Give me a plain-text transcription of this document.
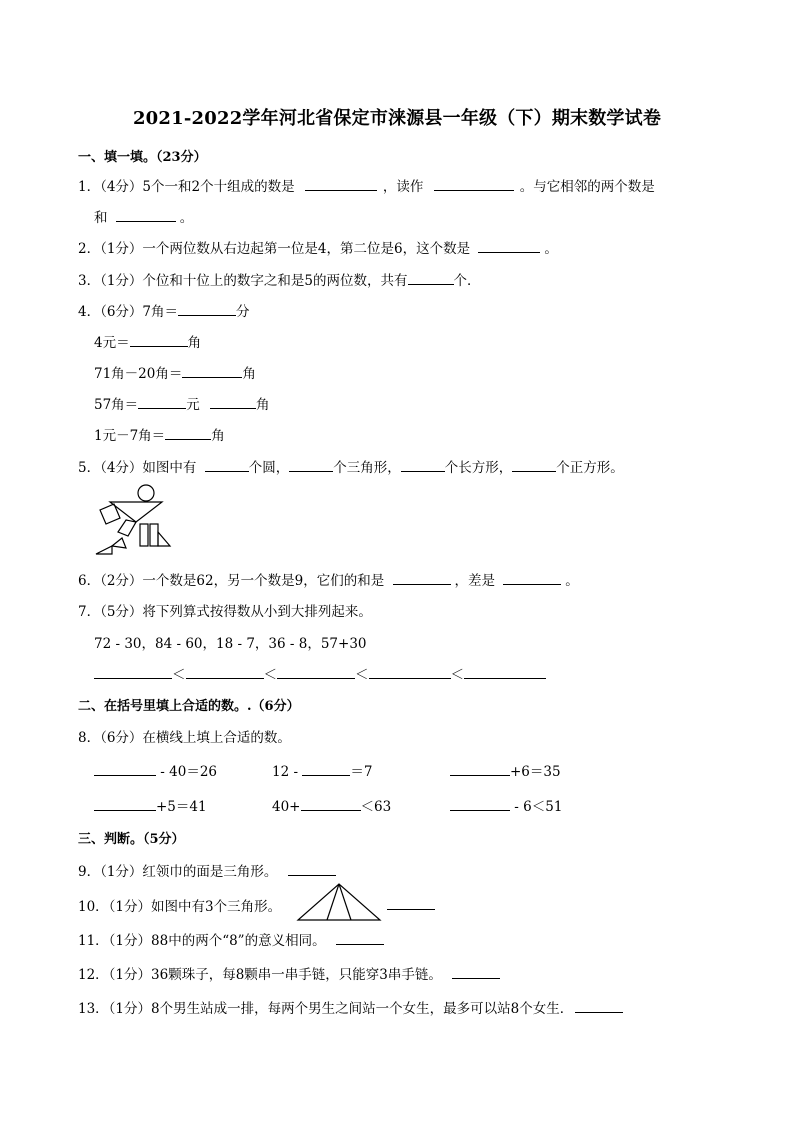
2021-2022学年河北省保定市涞源县一年级（下）期末数学试卷
一、填一填。（23分）
1．（4分）5个一和2个十组成的数是	，读作	。与它相邻的两个数是
和	。
2．（1分）一个两位数从右边起第一位是4，第二位是6，这个数是	。
3．（1分）个位和十位上的数字之和是5的两位数，共有	个．
4．（6分）7角＝	分
4元＝	角
71角－20角＝	角
57角＝	元	角
1元－7角＝	角
5．（4分）如图中有	个圆，	个三角形，	个长方形，	个正方形。
6．（2分）一个数是62，另一个数是9，它们的和是	，差是	。
7．（5分）将下列算式按得数从小到大排列起来。
72 - 30，84 - 60，18 - 7，36 - 8，57+30
＜	＜	＜	＜
二、在括号里填上合适的数。.（6分）
8．（6分）在横线上填上合适的数。
- 40＝26	12 -	＝7	+6＝35
+5＝41	40+	＜63	- 6＜51
三、判断。（5分）
9．（1分）红领巾的面是三角形。
10．（1分）如图中有3个三角形。
11．（1分）88中的两个“8”的意义相同。
12．（1分）36颗珠子，每8颗串一串手链，只能穿3串手链。
13．（1分）8个男生站成一排，每两个男生之间站一个女生，最多可以站8个女生．
